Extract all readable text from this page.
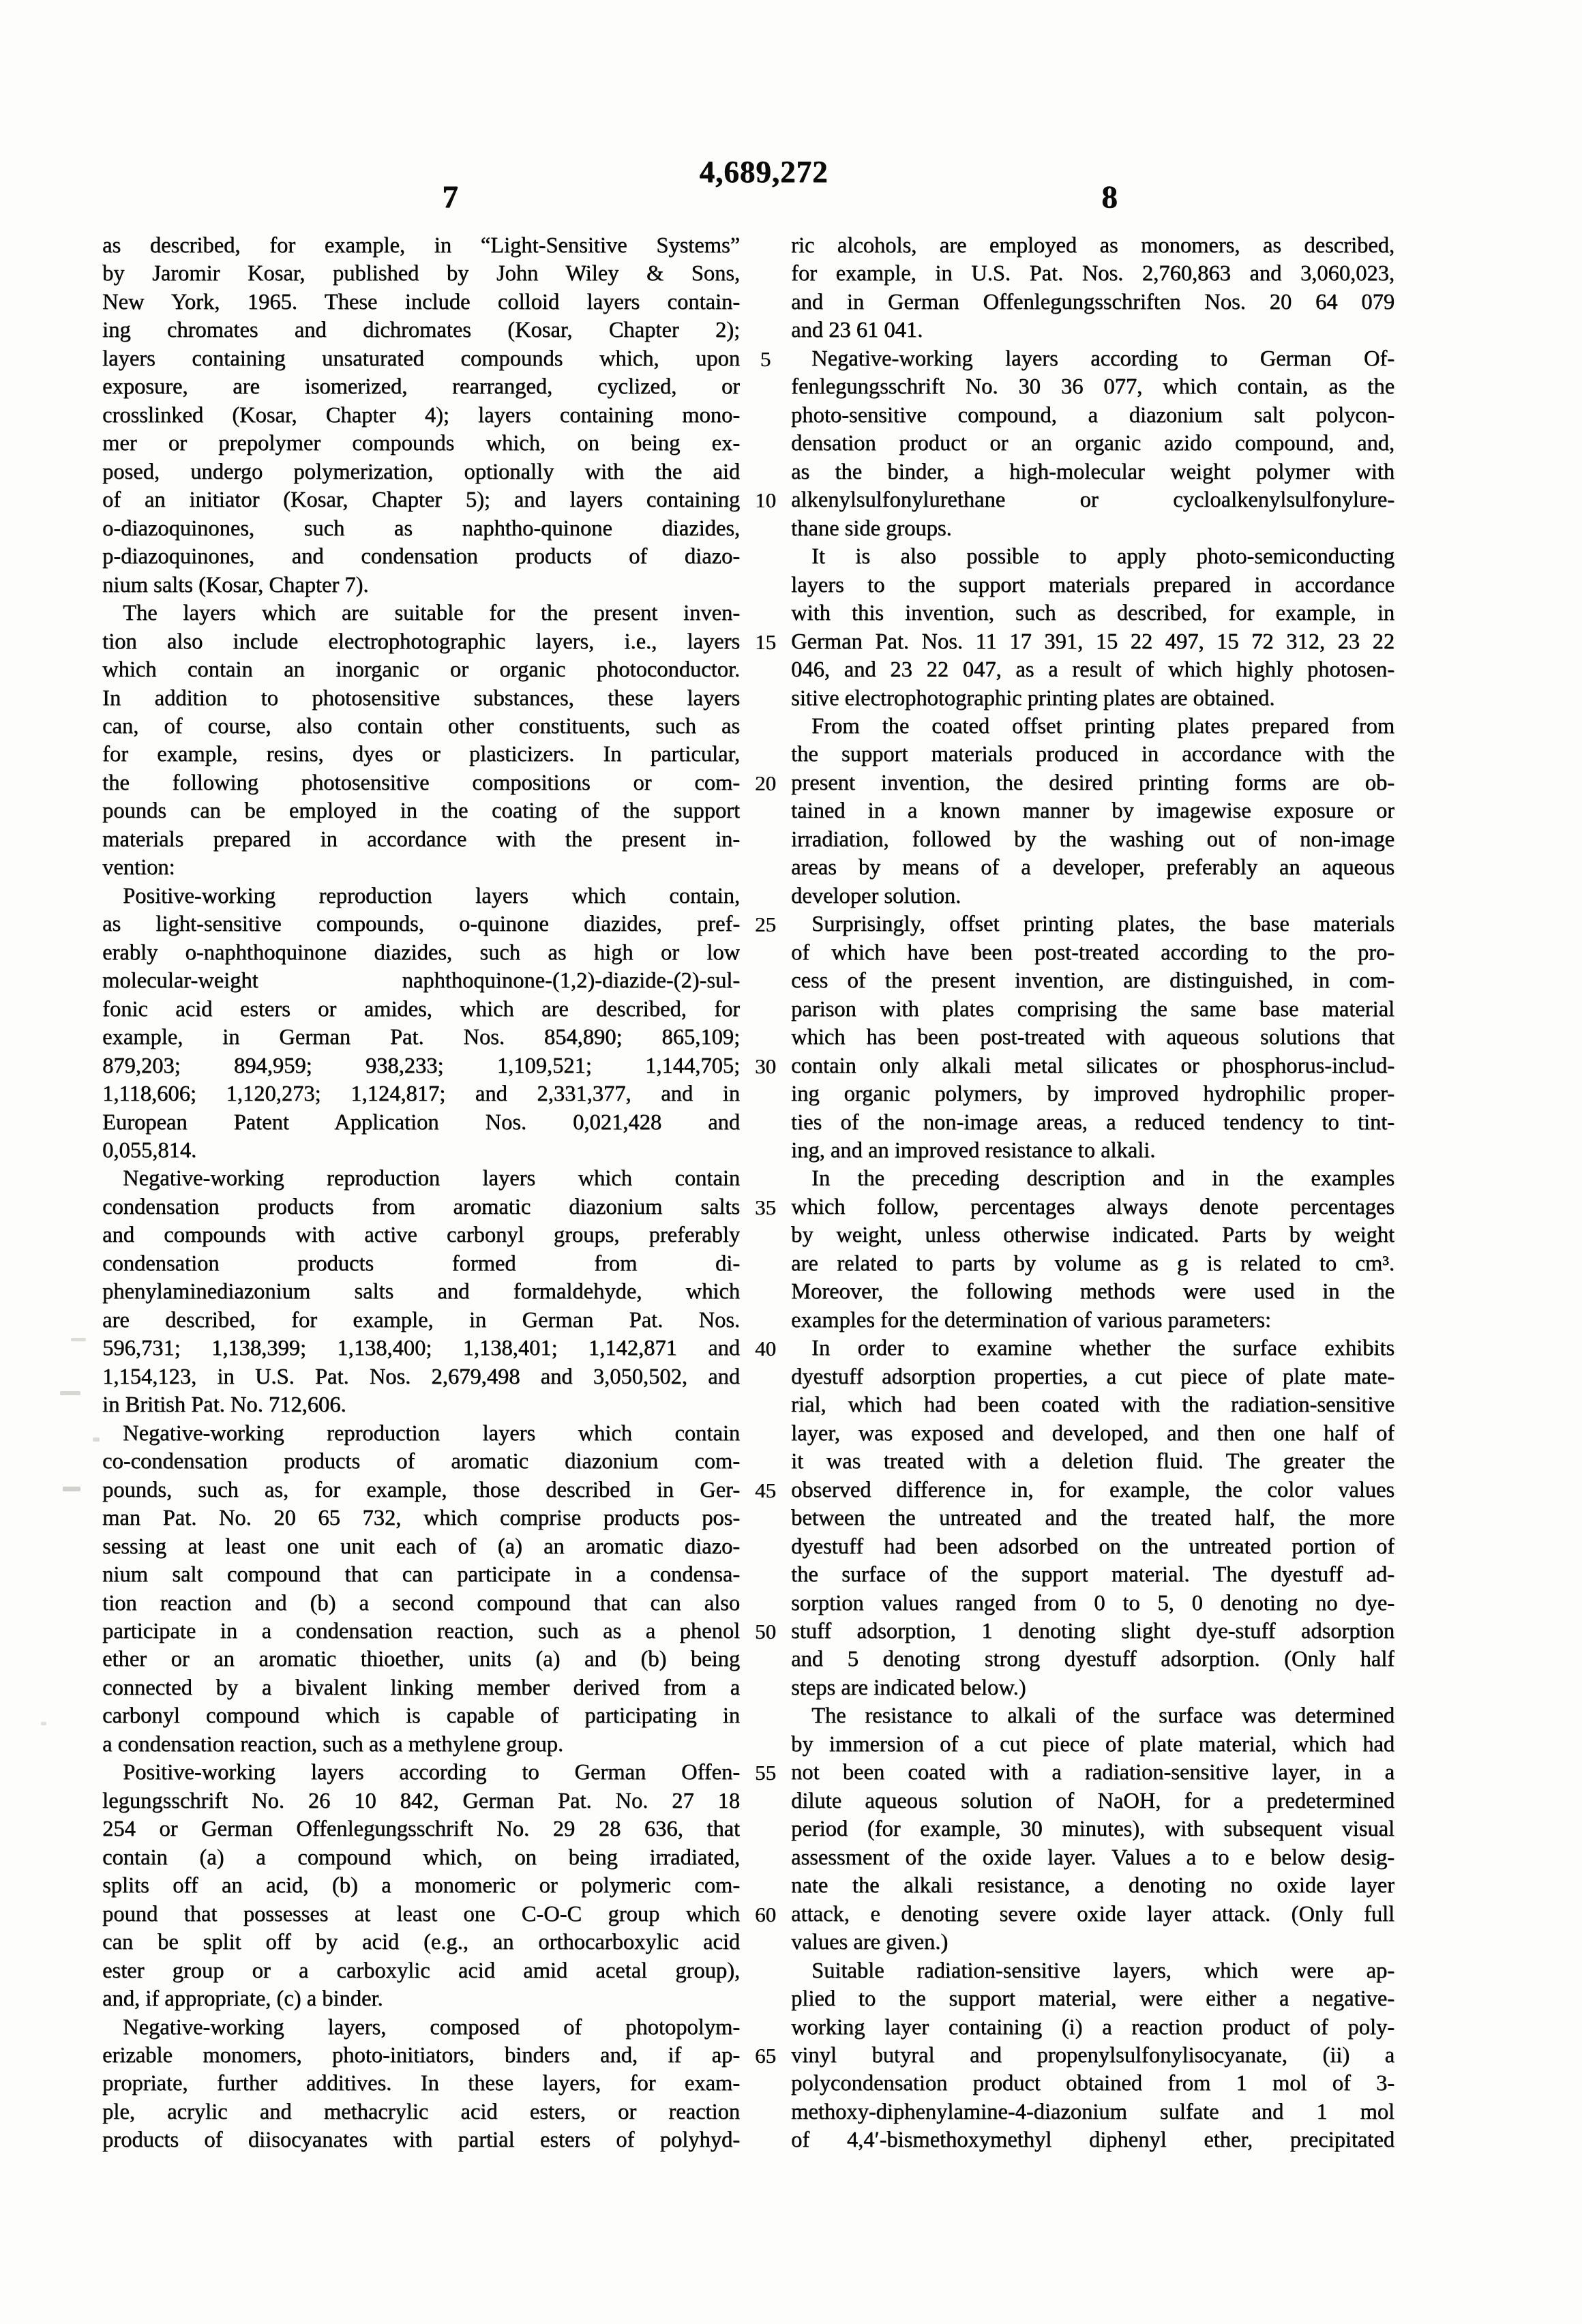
4,689,272
7	8
as described, for example, in “Light-Sensitive Systems”
by Jaromir Kosar, published by John Wiley & Sons,
New York, 1965. These include colloid layers contain-
ing chromates and dichromates (Kosar, Chapter 2);
layers containing unsaturated compounds which, upon
exposure, are isomerized, rearranged, cyclized, or
crosslinked (Kosar, Chapter 4); layers containing mono-
mer or prepolymer compounds which, on being ex-
posed, undergo polymerization, optionally with the aid
of an initiator (Kosar, Chapter 5); and layers containing
o-diazoquinones, such as naphtho-quinone diazides,
p-diazoquinones, and condensation products of diazo-
nium salts (Kosar, Chapter 7).
The layers which are suitable for the present inven-
tion also include electrophotographic layers, i.e., layers
which contain an inorganic or organic photoconductor.
In addition to photosensitive substances, these layers
can, of course, also contain other constituents, such as
for example, resins, dyes or plasticizers. In particular,
the following photosensitive compositions or com-
pounds can be employed in the coating of the support
materials prepared in accordance with the present in-
vention:
Positive-working reproduction layers which contain,
as light-sensitive compounds, o-quinone diazides, pref-
erably o-naphthoquinone diazides, such as high or low
molecular-weight naphthoquinone-(1,2)-diazide-(2)-sul-
fonic acid esters or amides, which are described, for
example, in German Pat. Nos. 854,890; 865,109;
879,203; 894,959; 938,233; 1,109,521; 1,144,705;
1,118,606; 1,120,273; 1,124,817; and 2,331,377, and in
European Patent Application Nos. 0,021,428 and
0,055,814.
Negative-working reproduction layers which contain
condensation products from aromatic diazonium salts
and compounds with active carbonyl groups, preferably
condensation products formed from di-
phenylaminediazonium salts and formaldehyde, which
are described, for example, in German Pat. Nos.
596,731; 1,138,399; 1,138,400; 1,138,401; 1,142,871 and
1,154,123, in U.S. Pat. Nos. 2,679,498 and 3,050,502, and
in British Pat. No. 712,606.
Negative-working reproduction layers which contain
co-condensation products of aromatic diazonium com-
pounds, such as, for example, those described in Ger-
man Pat. No. 20 65 732, which comprise products pos-
sessing at least one unit each of (a) an aromatic diazo-
nium salt compound that can participate in a condensa-
tion reaction and (b) a second compound that can also
participate in a condensation reaction, such as a phenol
ether or an aromatic thioether, units (a) and (b) being
connected by a bivalent linking member derived from a
carbonyl compound which is capable of participating in
a condensation reaction, such as a methylene group.
Positive-working layers according to German Offen-
legungsschrift No. 26 10 842, German Pat. No. 27 18
254 or German Offenlegungsschrift No. 29 28 636, that
contain (a) a compound which, on being irradiated,
splits off an acid, (b) a monomeric or polymeric com-
pound that possesses at least one C-O-C group which
can be split off by acid (e.g., an orthocarboxylic acid
ester group or a carboxylic acid amid acetal group),
and, if appropriate, (c) a binder.
Negative-working layers, composed of photopolym-
erizable monomers, photo-initiators, binders and, if ap-
propriate, further additives. In these layers, for exam-
ple, acrylic and methacrylic acid esters, or reaction
products of diisocyanates with partial esters of polyhyd-
5
10
15
20
25
30
35
40
45
50
55
60
65
ric alcohols, are employed as monomers, as described,
for example, in U.S. Pat. Nos. 2,760,863 and 3,060,023,
and in German Offenlegungsschriften Nos. 20 64 079
and 23 61 041.
Negative-working layers according to German Of-
fenlegungsschrift No. 30 36 077, which contain, as the
photo-sensitive compound, a diazonium salt polycon-
densation product or an organic azido compound, and,
as the binder, a high-molecular weight polymer with
alkenylsulfonylurethane or cycloalkenylsulfonylure-
thane side groups.
It is also possible to apply photo-semiconducting
layers to the support materials prepared in accordance
with this invention, such as described, for example, in
German Pat. Nos. 11 17 391, 15 22 497, 15 72 312, 23 22
046, and 23 22 047, as a result of which highly photosen-
sitive electrophotographic printing plates are obtained.
From the coated offset printing plates prepared from
the support materials produced in accordance with the
present invention, the desired printing forms are ob-
tained in a known manner by imagewise exposure or
irradiation, followed by the washing out of non-image
areas by means of a developer, preferably an aqueous
developer solution.
Surprisingly, offset printing plates, the base materials
of which have been post-treated according to the pro-
cess of the present invention, are distinguished, in com-
parison with plates comprising the same base material
which has been post-treated with aqueous solutions that
contain only alkali metal silicates or phosphorus-includ-
ing organic polymers, by improved hydrophilic proper-
ties of the non-image areas, a reduced tendency to tint-
ing, and an improved resistance to alkali.
In the preceding description and in the examples
which follow, percentages always denote percentages
by weight, unless otherwise indicated. Parts by weight
are related to parts by volume as g is related to cm³.
Moreover, the following methods were used in the
examples for the determination of various parameters:
In order to examine whether the surface exhibits
dyestuff adsorption properties, a cut piece of plate mate-
rial, which had been coated with the radiation-sensitive
layer, was exposed and developed, and then one half of
it was treated with a deletion fluid. The greater the
observed difference in, for example, the color values
between the untreated and the treated half, the more
dyestuff had been adsorbed on the untreated portion of
the surface of the support material. The dyestuff ad-
sorption values ranged from 0 to 5, 0 denoting no dye-
stuff adsorption, 1 denoting slight dye-stuff adsorption
and 5 denoting strong dyestuff adsorption. (Only half
steps are indicated below.)
The resistance to alkali of the surface was determined
by immersion of a cut piece of plate material, which had
not been coated with a radiation-sensitive layer, in a
dilute aqueous solution of NaOH, for a predetermined
period (for example, 30 minutes), with subsequent visual
assessment of the oxide layer. Values a to e below desig-
nate the alkali resistance, a denoting no oxide layer
attack, e denoting severe oxide layer attack. (Only full
values are given.)
Suitable radiation-sensitive layers, which were ap-
plied to the support material, were either a negative-
working layer containing (i) a reaction product of poly-
vinyl butyral and propenylsulfonylisocyanate, (ii) a
polycondensation product obtained from 1 mol of 3-
methoxy-diphenylamine-4-diazonium sulfate and 1 mol
of 4,4′-bismethoxymethyl diphenyl ether, precipitated
